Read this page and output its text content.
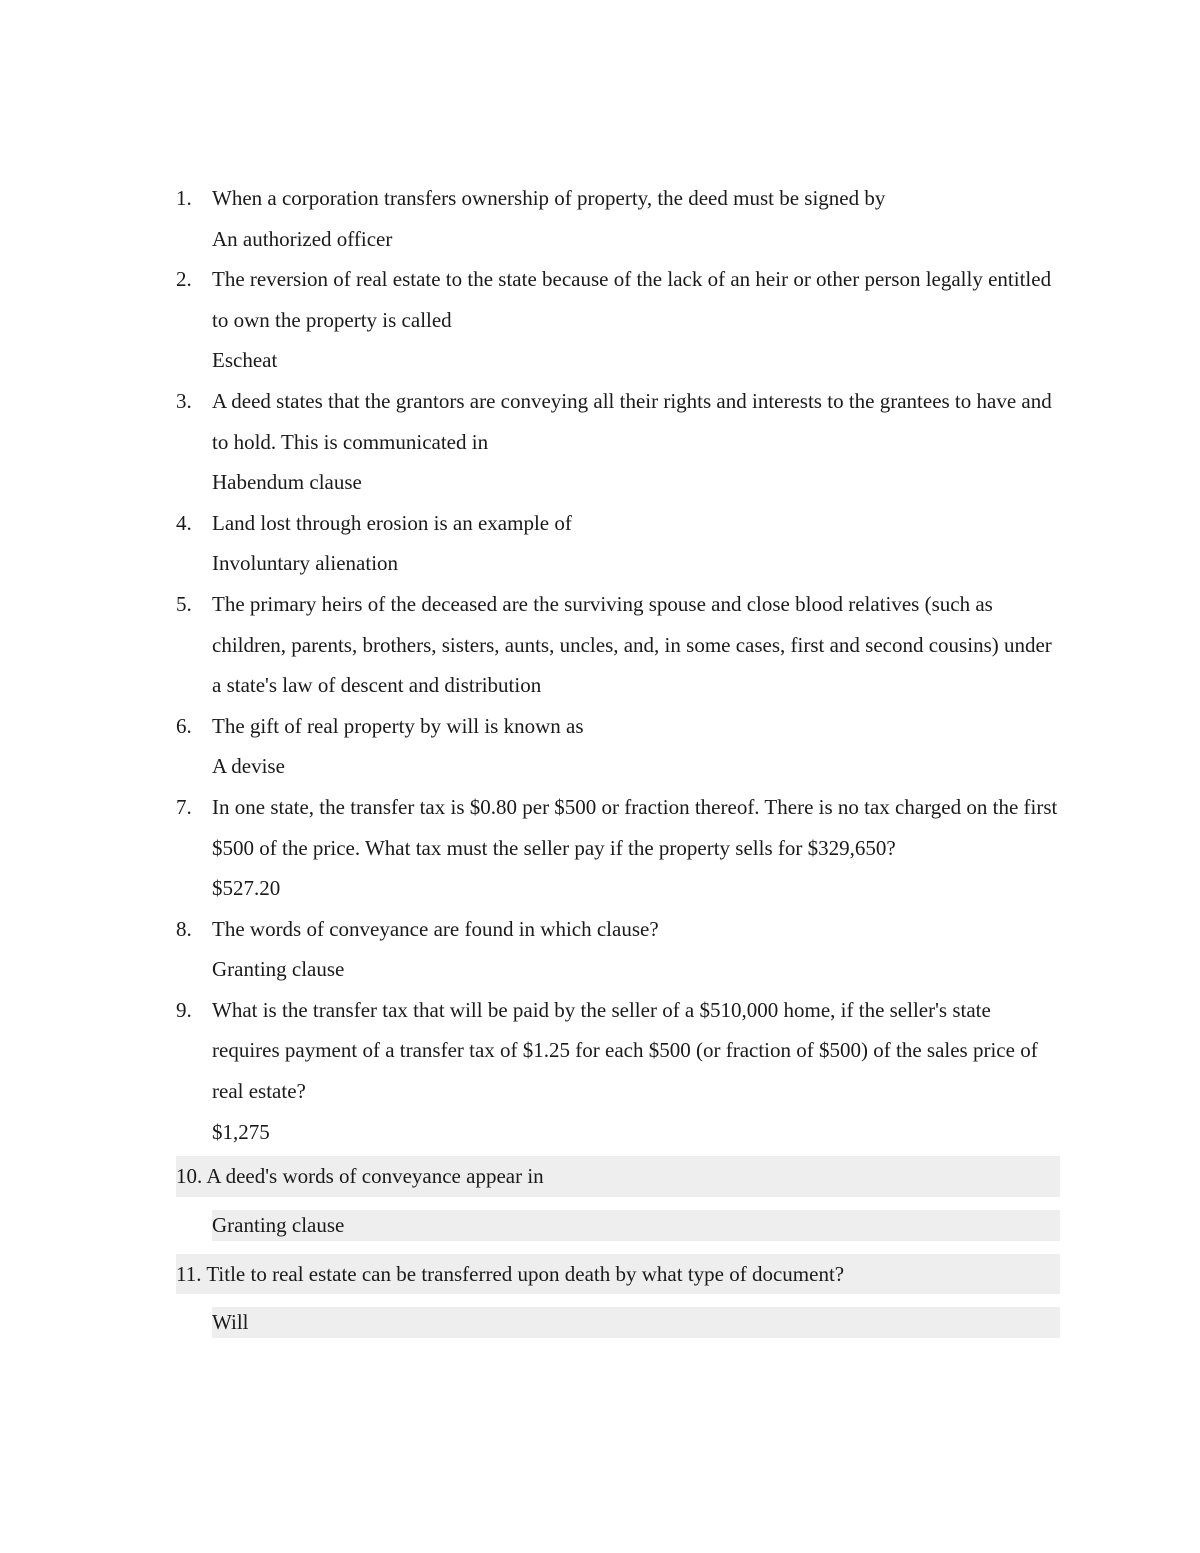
1. When a corporation transfers ownership of property, the deed must be signed by
An authorized officer
2. The reversion of real estate to the state because of the lack of an heir or other person legally entitled to own the property is called
Escheat
3. A deed states that the grantors are conveying all their rights and interests to the grantees to have and to hold. This is communicated in
Habendum clause
4. Land lost through erosion is an example of
Involuntary alienation
5. The primary heirs of the deceased are the surviving spouse and close blood relatives (such as children, parents, brothers, sisters, aunts, uncles, and, in some cases, first and second cousins) under
a state's law of descent and distribution
6. The gift of real property by will is known as
A devise
7. In one state, the transfer tax is $0.80 per $500 or fraction thereof. There is no tax charged on the first $500 of the price. What tax must the seller pay if the property sells for $329,650?
$527.20
8. The words of conveyance are found in which clause?
Granting clause
9. What is the transfer tax that will be paid by the seller of a $510,000 home, if the seller's state requires payment of a transfer tax of $1.25 for each $500 (or fraction of $500) of the sales price of real estate?
$1,275
10. A deed's words of conveyance appear in
Granting clause
11. Title to real estate can be transferred upon death by what type of document?
Will
